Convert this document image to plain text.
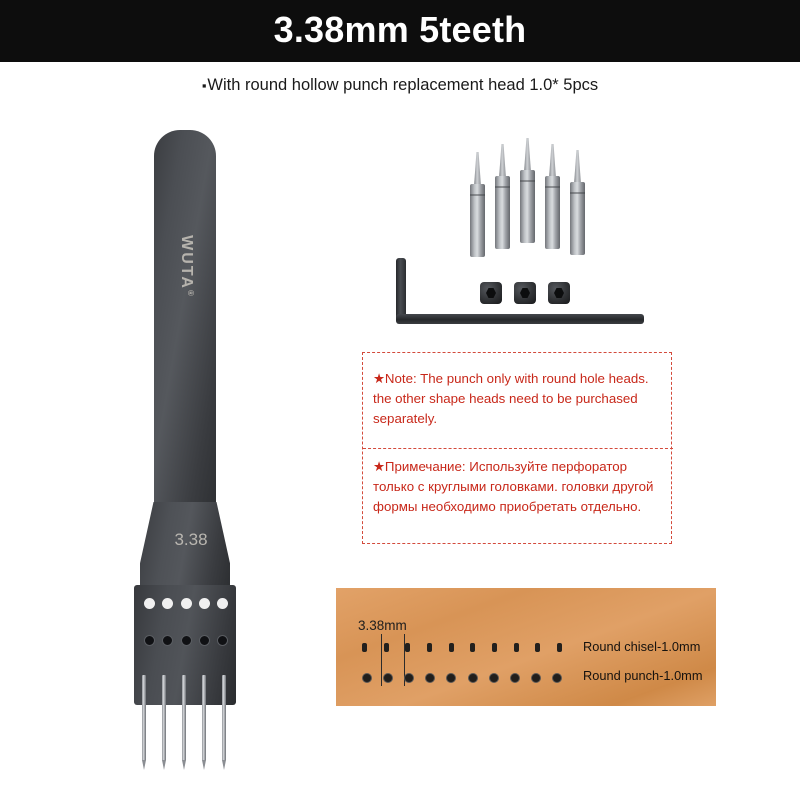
3.38mm 5teeth
▪With round hollow punch replacement head 1.0* 5pcs
WUTA®
3.38
★Note: The punch only with round hole heads. the other shape heads need to be purchased separately.
★Примечание: Используйте перфоратор только с круглыми головками. головки другой формы необходимо приобретать отдельно.
3.38mm
Round chisel-1.0mm
Round punch-1.0mm
